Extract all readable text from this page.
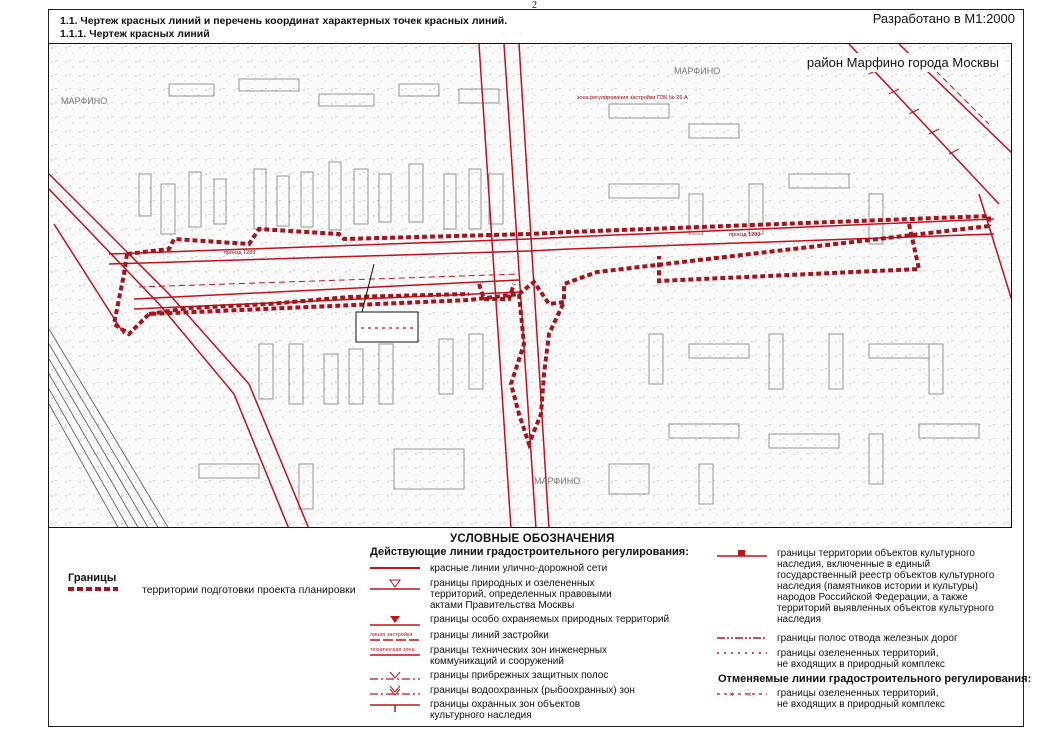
2
1.1. Чертеж красных линий и перечень координат характерных точек красных линий.
1.1.1. Чертеж красных линий
Разработано в М1:2000
МАРФИНО
МАРФИНО
МАРФИНО
зона регулирования застройки ПЗК № 26 А
проезд 1283
проезд 1283
район Марфино города Москвы
УСЛОВНЫЕ ОБОЗНАЧЕНИЯ
Действующие линии градостроительного регулирования:
Границы
территории подготовки проекта планировки
красные линии улично-дорожной сети
границы природных и озелененных
территорий, определенных правовыми
актами Правительства Москвы
границы особо охраняемых природных территорий
линия застройки границы линий застройки
техническая зона границы технических зон инженерных
коммуникаций и сооружений
границы прибрежных защитных полос
границы водоохранных (рыбоохранных) зон
границы охранных зон объектов
культурного наследия
границы территории объектов культурного
наследия, включенные в единый
государственный реестр объектов культурного
наследия (памятников истории и культуры)
народов Российской Федерации, а также
территорий выявленных объектов культурного
наследия
границы полос отвода железных дорог
границы озелененных территорий,
не входящих в природный комплекс
Отменяемые линии градостроительного регулирования:
× ×	границы озелененных территорий,
не входящих в природный комплекс
